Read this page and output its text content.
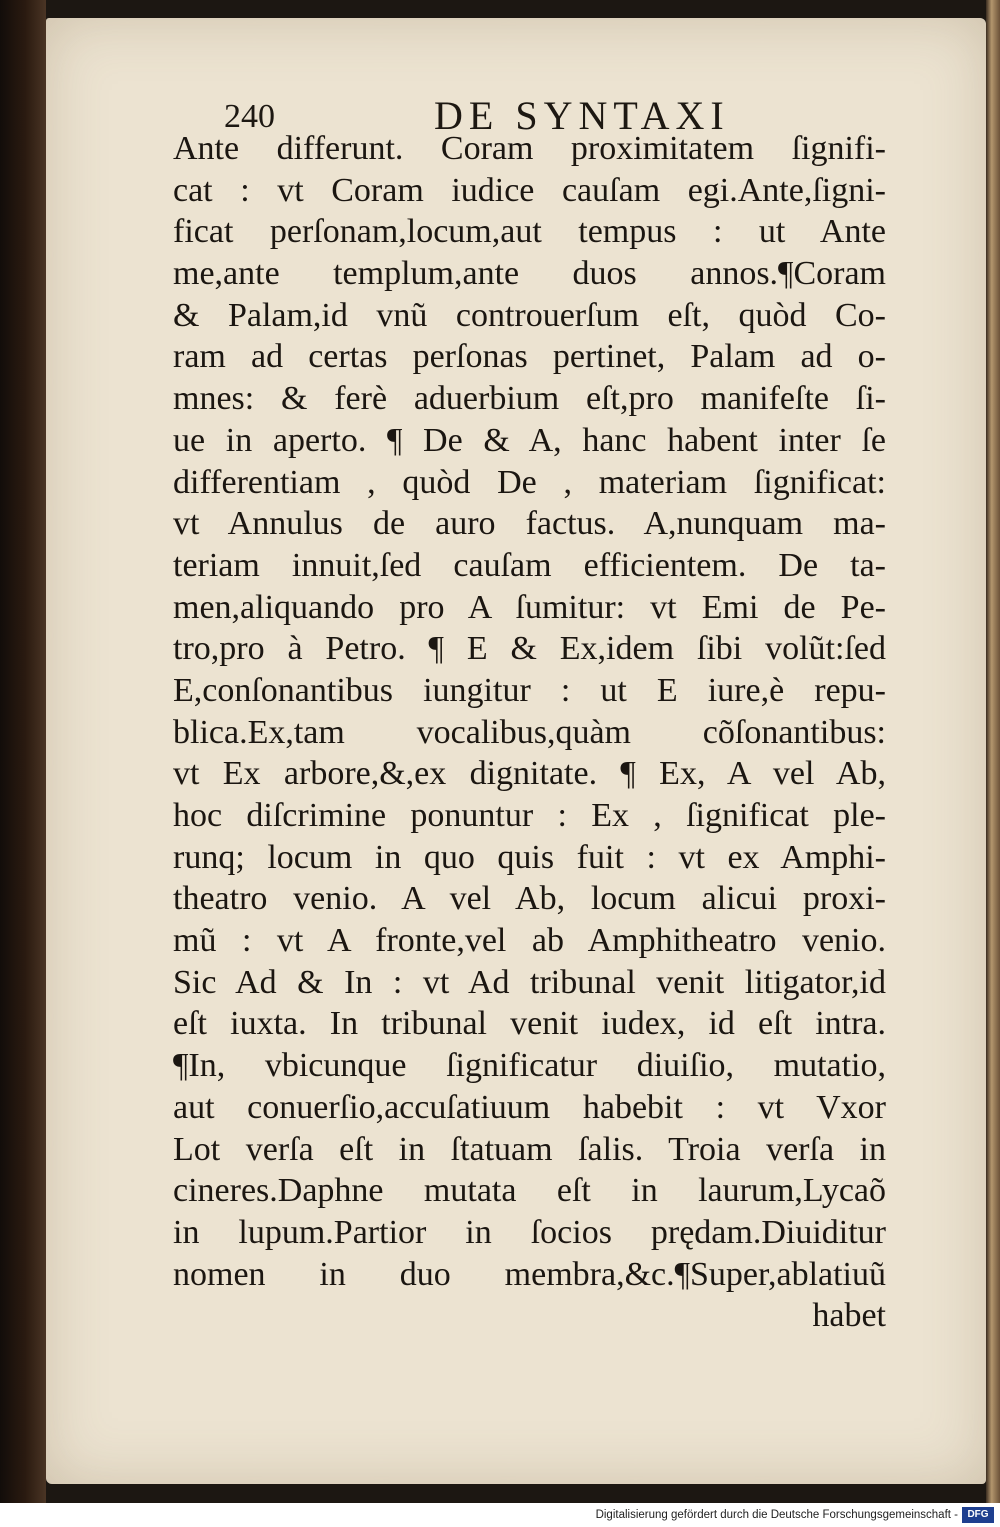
240	DE SYNTAXI
Ante differunt. Coram proximitatem ſignifi-
cat : vt Coram iudice cauſam egi.Ante,ſigni-
ficat perſonam,locum,aut tempus : ut Ante
me,ante templum,ante duos annos.¶Coram
& Palam,id vnũ controuerſum eſt, quòd Co-
ram ad certas perſonas pertinet, Palam ad o-
mnes: & ferè aduerbium eſt,pro manifeſte ſi-
ue in aperto. ¶ De & A, hanc habent inter ſe
differentiam , quòd De , materiam ſignificat:
vt Annulus de auro factus. A,nunquam ma-
teriam innuit,ſed cauſam efficientem. De ta-
men,aliquando pro A ſumitur: vt Emi de Pe-
tro,pro à Petro. ¶ E & Ex,idem ſibi volũt:ſed
E,conſonantibus iungitur : ut E iure,è repu-
blica.Ex,tam vocalibus,quàm cõſonantibus:
vt Ex arbore,&,ex dignitate. ¶ Ex, A vel Ab,
hoc diſcrimine ponuntur : Ex , ſignificat ple-
runq; locum in quo quis fuit : vt ex Amphi-
theatro venio. A vel Ab, locum alicui proxi-
mũ : vt A fronte,vel ab Amphitheatro venio.
Sic Ad & In : vt Ad tribunal venit litigator,id
eſt iuxta. In tribunal venit iudex, id eſt intra.
¶In, vbicunque ſignificatur diuiſio, mutatio,
aut conuerſio,accuſatiuum habebit : vt Vxor
Lot verſa eſt in ſtatuam ſalis. Troia verſa in
cineres.Daphne mutata eſt in laurum,Lycaõ
in lupum.Partior in ſocios prędam.Diuiditur
nomen in duo membra,&c.¶Super,ablatiuũ
habet
Digitalisierung gefördert durch die Deutsche Forschungsgemeinschaft - DFG
